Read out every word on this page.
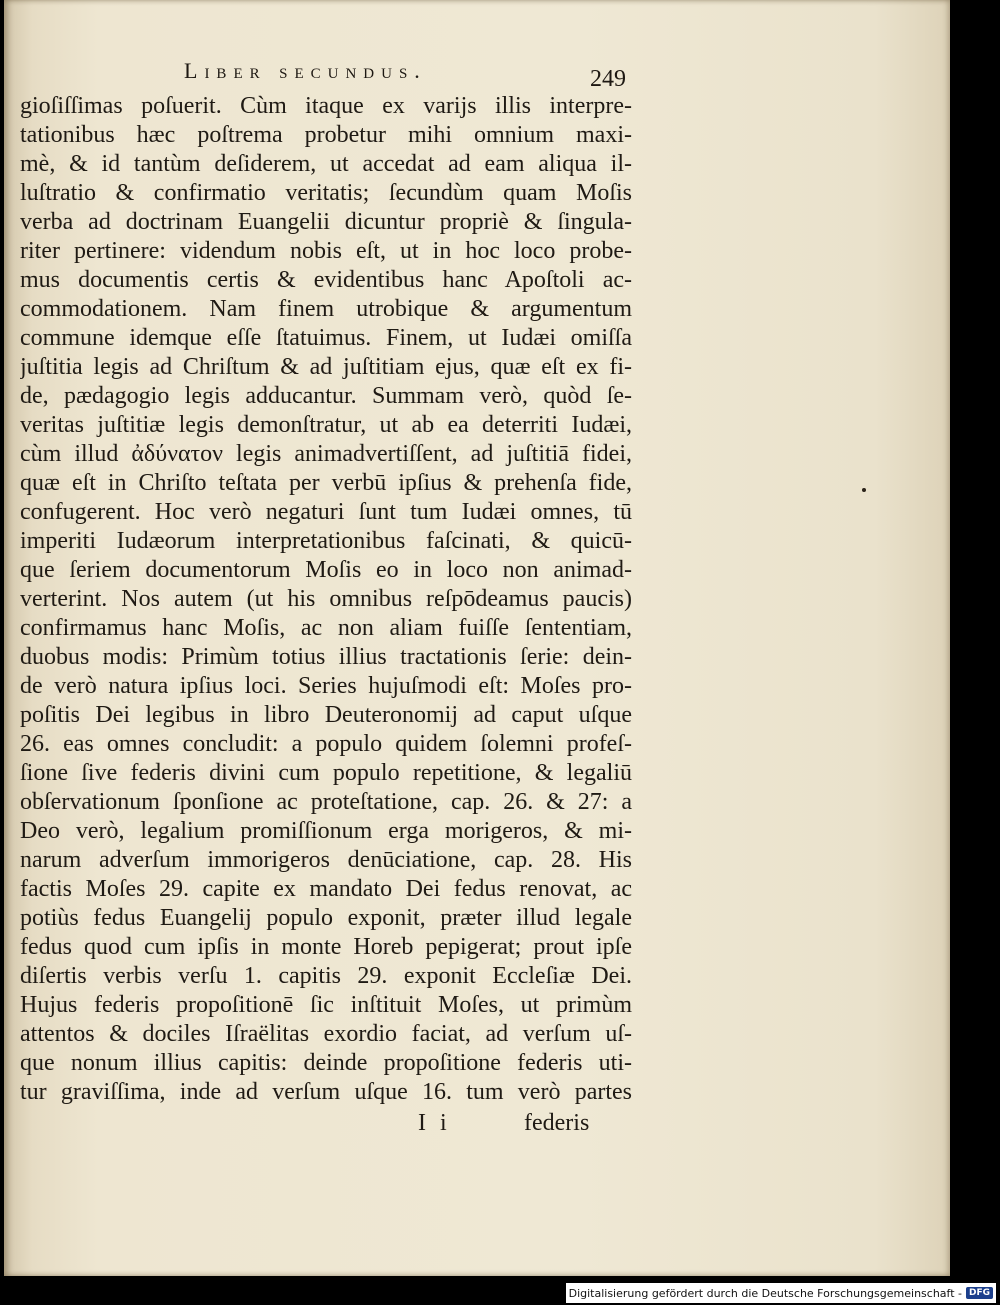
Liber secundus.	249
gioſiſſimas poſuerit. Cùm itaque ex varijs illis interpre-
tationibus hæc poſtrema probetur mihi omnium maxi-
mè, & id tantùm deſiderem, ut accedat ad eam aliqua il-
luſtratio & confirmatio veritatis; ſecundùm quam Moſis
verba ad doctrinam Euangelii dicuntur propriè & ſingula-
riter pertinere: videndum nobis eſt, ut in hoc loco probe-
mus documentis certis & evidentibus hanc Apoſtoli ac-
commodationem. Nam finem utrobique & argumentum
commune idemque eſſe ſtatuimus. Finem, ut Iudæi omiſſa
juſtitia legis ad Chriſtum & ad juſtitiam ejus, quæ eſt ex fi-
de, pædagogio legis adducantur. Summam verò, quòd ſe-
veritas juſtitiæ legis demonſtratur, ut ab ea deterriti Iudæi,
cùm illud ἀδύνατον legis animadvertiſſent, ad juſtitiā fidei,
quæ eſt in Chriſto teſtata per verbū ipſius & prehenſa fide,
confugerent. Hoc verò negaturi ſunt tum Iudæi omnes, tū
imperiti Iudæorum interpretationibus faſcinati, & quicū-
que ſeriem documentorum Moſis eo in loco non animad-
verterint. Nos autem (ut his omnibus reſpōdeamus paucis)
confirmamus hanc Moſis, ac non aliam fuiſſe ſententiam,
duobus modis: Primùm totius illius tractationis ſerie: dein-
de verò natura ipſius loci. Series hujuſmodi eſt: Moſes pro-
poſitis Dei legibus in libro Deuteronomij ad caput uſque
26. eas omnes concludit: a populo quidem ſolemni profeſ-
ſione ſive federis divini cum populo repetitione, & legaliū
obſervationum ſponſione ac proteſtatione, cap. 26. & 27: a
Deo verò, legalium promiſſionum erga morigeros, & mi-
narum adverſum immorigeros denūciatione, cap. 28. His
factis Moſes 29. capite ex mandato Dei fedus renovat, ac
potiùs fedus Euangelij populo exponit, præter illud legale
fedus quod cum ipſis in monte Horeb pepigerat; prout ipſe
diſertis verbis verſu 1. capitis 29. exponit Eccleſiæ Dei.
Hujus federis propoſitionē ſic inſtituit Moſes, ut primùm
attentos & dociles Iſraëlitas exordio faciat, ad verſum uſ-
que nonum illius capitis: deinde propoſitione federis uti-
tur graviſſima, inde ad verſum uſque 16. tum verò partes
I i	federis
Digitalisierung gefördert durch die Deutsche Forschungsgemeinschaft - DFG
